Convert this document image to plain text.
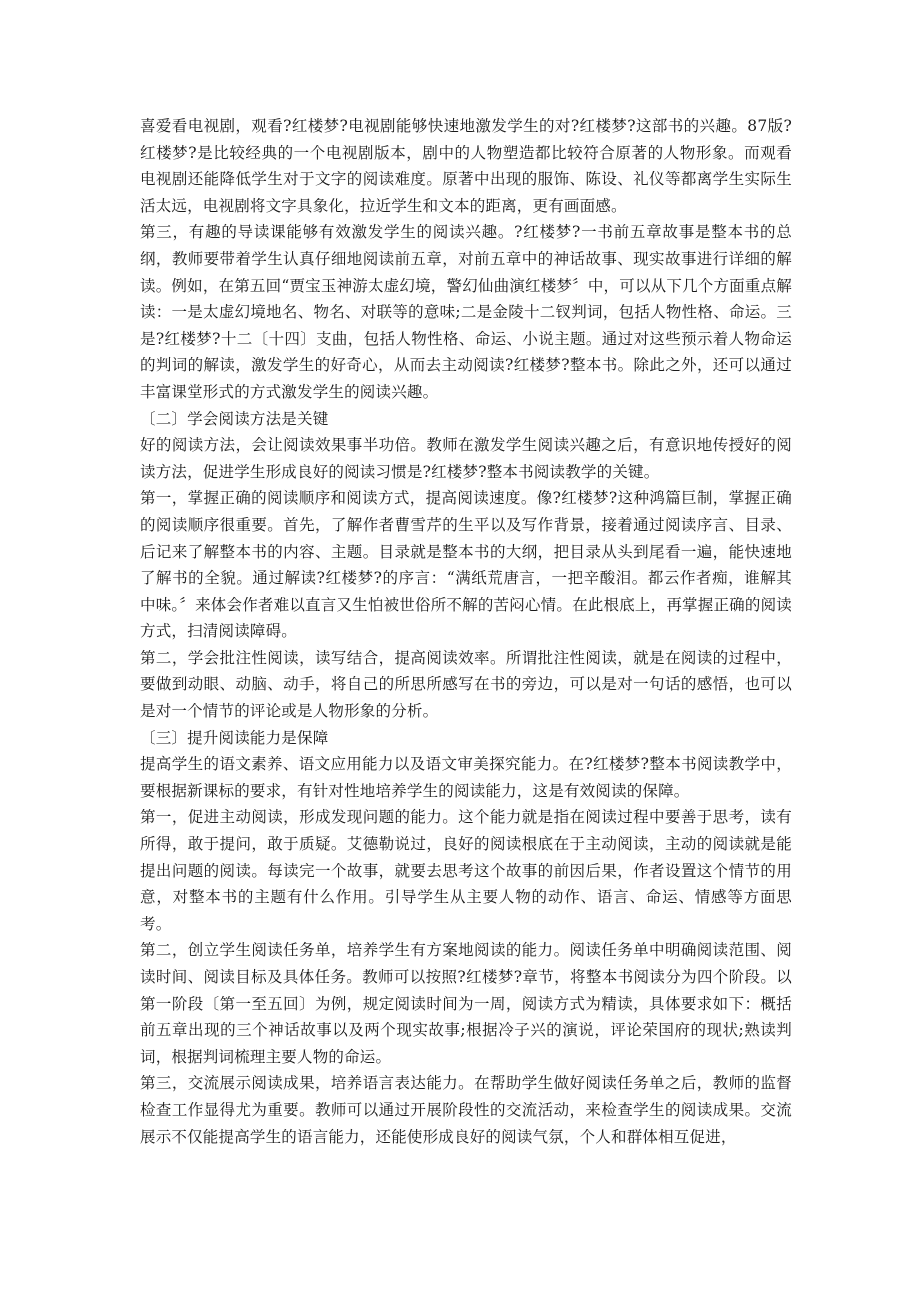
喜爱看电视剧，观看?红楼梦?电视剧能够快速地激发学生的对?红楼梦?这部书的兴趣。87版?红楼梦?是比较经典的一个电视剧版本，剧中的人物塑造都比较符合原著的人物形象。而观看电视剧还能降低学生对于文字的阅读难度。原著中出现的服饰、陈设、礼仪等都离学生实际生活太远，电视剧将文字具象化，拉近学生和文本的距离，更有画面感。

第三，有趣的导读课能够有效激发学生的阅读兴趣。?红楼梦?一书前五章故事是整本书的总纲，教师要带着学生认真仔细地阅读前五章，对前五章中的神话故事、现实故事进行详细的解读。例如，在第五回“贾宝玉神游太虚幻境，警幻仙曲演红楼梦〞中，可以从下几个方面重点解读：一是太虚幻境地名、物名、对联等的意味;二是金陵十二钗判词，包括人物性格、命运。三是?红楼梦?十二〔十四〕支曲，包括人物性格、命运、小说主题。通过对这些预示着人物命运的判词的解读，激发学生的好奇心，从而去主动阅读?红楼梦?整本书。除此之外，还可以通过丰富课堂形式的方式激发学生的阅读兴趣。

〔二〕学会阅读方法是关键

好的阅读方法，会让阅读效果事半功倍。教师在激发学生阅读兴趣之后，有意识地传授好的阅读方法，促进学生形成良好的阅读习惯是?红楼梦?整本书阅读教学的关键。

第一，掌握正确的阅读顺序和阅读方式，提高阅读速度。像?红楼梦?这种鸿篇巨制，掌握正确的阅读顺序很重要。首先，了解作者曹雪芹的生平以及写作背景，接着通过阅读序言、目录、后记来了解整本书的内容、主题。目录就是整本书的大纲，把目录从头到尾看一遍，能快速地了解书的全貌。通过解读?红楼梦?的序言：“满纸荒唐言，一把辛酸泪。都云作者痴，谁解其中味。〞来体会作者难以直言又生怕被世俗所不解的苦闷心情。在此根底上，再掌握正确的阅读方式，扫清阅读障碍。

第二，学会批注性阅读，读写结合，提高阅读效率。所谓批注性阅读，就是在阅读的过程中，要做到动眼、动脑、动手，将自己的所思所感写在书的旁边，可以是对一句话的感悟，也可以是对一个情节的评论或是人物形象的分析。

〔三〕提升阅读能力是保障

提高学生的语文素养、语文应用能力以及语文审美探究能力。在?红楼梦?整本书阅读教学中，要根据新课标的要求，有针对性地培养学生的阅读能力，这是有效阅读的保障。

第一，促进主动阅读，形成发现问题的能力。这个能力就是指在阅读过程中要善于思考，读有所得，敢于提问，敢于质疑。艾德勒说过，良好的阅读根底在于主动阅读，主动的阅读就是能提出问题的阅读。每读完一个故事，就要去思考这个故事的前因后果，作者设置这个情节的用意，对整本书的主题有什么作用。引导学生从主要人物的动作、语言、命运、情感等方面思考。

第二，创立学生阅读任务单，培养学生有方案地阅读的能力。阅读任务单中明确阅读范围、阅读时间、阅读目标及具体任务。教师可以按照?红楼梦?章节，将整本书阅读分为四个阶段。以第一阶段〔第一至五回〕为例，规定阅读时间为一周，阅读方式为精读，具体要求如下：概括前五章出现的三个神话故事以及两个现实故事;根据冷子兴的演说，评论荣国府的现状;熟读判词，根据判词梳理主要人物的命运。

第三，交流展示阅读成果，培养语言表达能力。在帮助学生做好阅读任务单之后，教师的监督检查工作显得尤为重要。教师可以通过开展阶段性的交流活动，来检查学生的阅读成果。交流展示不仅能提高学生的语言能力，还能使形成良好的阅读气氛，个人和群体相互促进，
